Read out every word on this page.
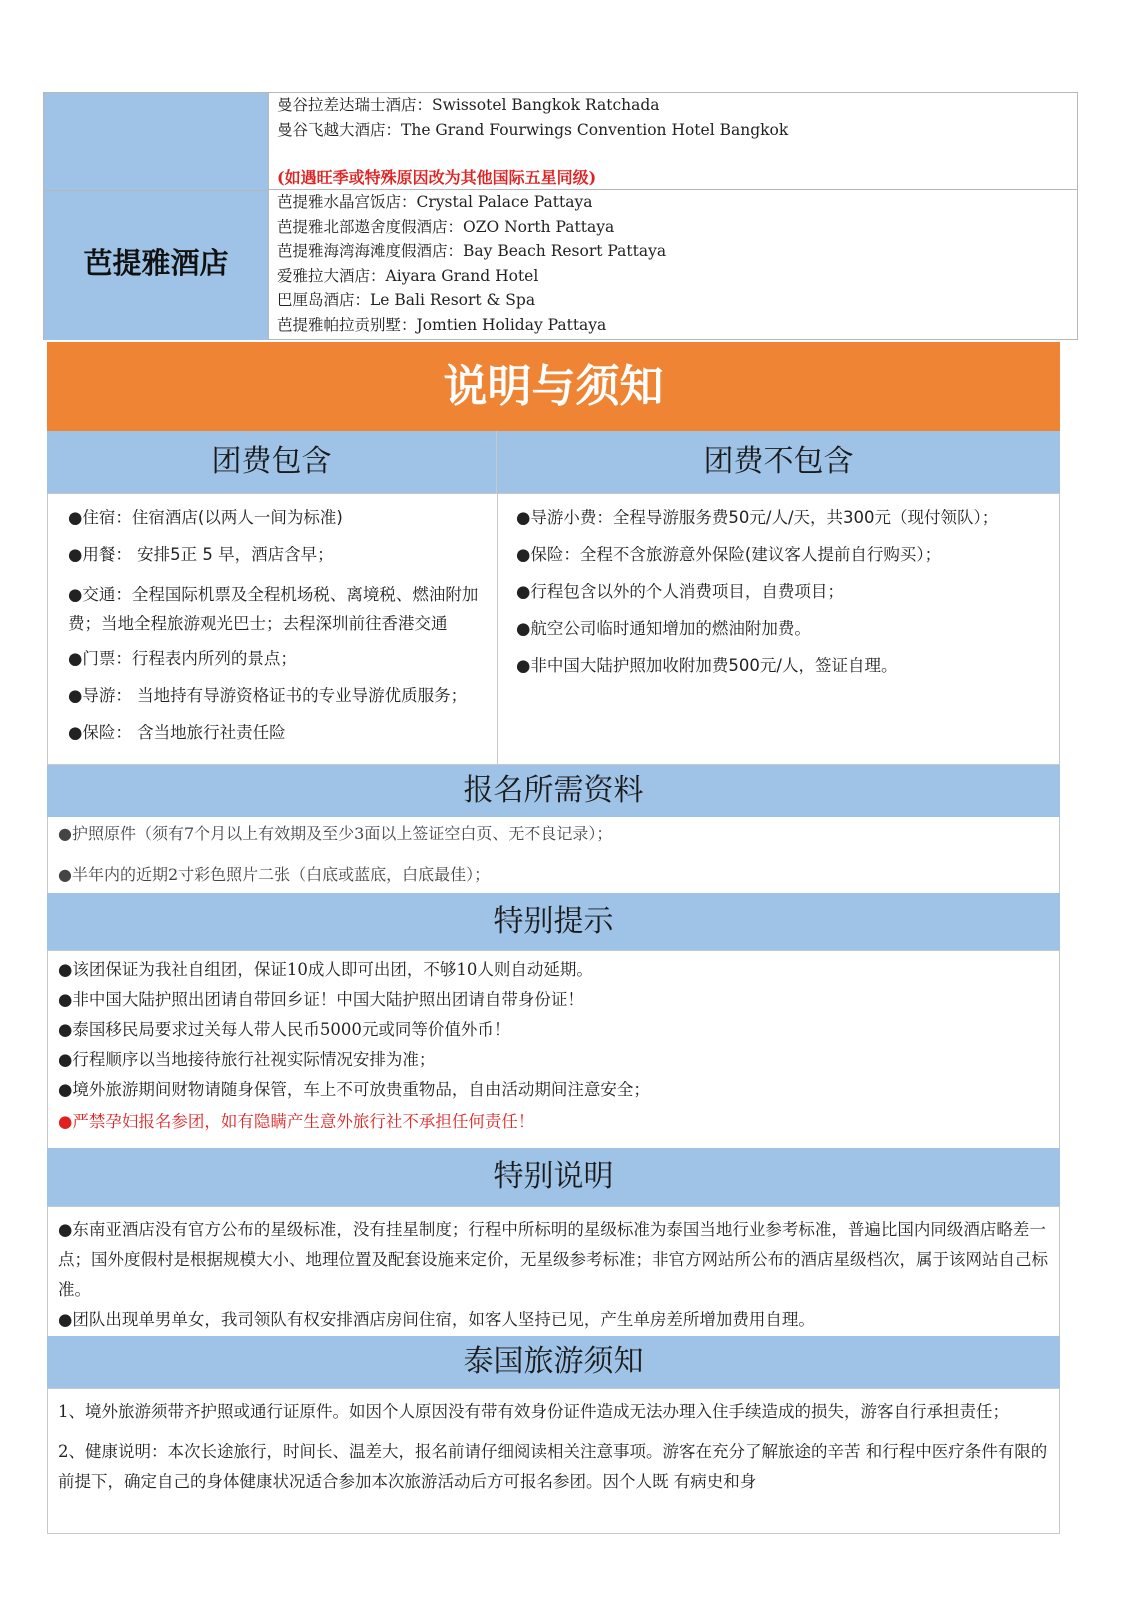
曼谷拉差达瑞士酒店：Swissotel Bangkok Ratchada
曼谷飞越大酒店：The Grand Fourwings Convention Hotel Bangkok
(如遇旺季或特殊原因改为其他国际五星同级)
芭提雅酒店
芭提雅水晶宫饭店：Crystal Palace Pattaya
芭提雅北部遨舍度假酒店：OZO North Pattaya
芭提雅海湾海滩度假酒店：Bay Beach Resort Pattaya
爱雅拉大酒店：Aiyara Grand Hotel
巴厘岛酒店：Le Bali Resort & Spa
芭提雅帕拉贡别墅：Jomtien Holiday Pattaya
说明与须知
团费包含	团费不包含
●住宿：住宿酒店(以两人一间为标准)
●用餐： 安排5正 5 早，酒店含早；
●交通：全程国际机票及全程机场税、离境税、燃油附加费；当地全程旅游观光巴士；去程深圳前往香港交通
●门票：行程表内所列的景点；
●导游： 当地持有导游资格证书的专业导游优质服务；
●保险： 含当地旅行社责任险
●导游小费：全程导游服务费50元/人/天，共300元（现付领队）；
●保险：全程不含旅游意外保险(建议客人提前自行购买）；
●行程包含以外的个人消费项目，自费项目；
●航空公司临时通知增加的燃油附加费。
●非中国大陆护照加收附加费500元/人，签证自理。
报名所需资料
●护照原件（须有7个月以上有效期及至少3面以上签证空白页、无不良记录）；
●半年内的近期2寸彩色照片二张（白底或蓝底，白底最佳）；
特别提示
●该团保证为我社自组团，保证10成人即可出团，不够10人则自动延期。
●非中国大陆护照出团请自带回乡证！中国大陆护照出团请自带身份证！
●泰国移民局要求过关每人带人民币5000元或同等价值外币！
●行程顺序以当地接待旅行社视实际情况安排为准；
●境外旅游期间财物请随身保管，车上不可放贵重物品，自由活动期间注意安全；
●严禁孕妇报名参团，如有隐瞒产生意外旅行社不承担任何责任！
特别说明
●东南亚酒店没有官方公布的星级标准，没有挂星制度；行程中所标明的星级标准为泰国当地行业参考标准，普遍比国内同级酒店略差一点；国外度假村是根据规模大小、地理位置及配套设施来定价，无星级参考标准；非官方网站所公布的酒店星级档次，属于该网站自己标准。
●团队出现单男单女，我司领队有权安排酒店房间住宿，如客人坚持已见，产生单房差所增加费用自理。
泰国旅游须知
1、境外旅游须带齐护照或通行证原件。如因个人原因没有带有效身份证件造成无法办理入住手续造成的损失，游客自行承担责任；
2、健康说明：本次长途旅行，时间长、温差大，报名前请仔细阅读相关注意事项。游客在充分了解旅途的辛苦 和行程中医疗条件有限的前提下，确定自己的身体健康状况适合参加本次旅游活动后方可报名参团。因个人既 有病史和身
